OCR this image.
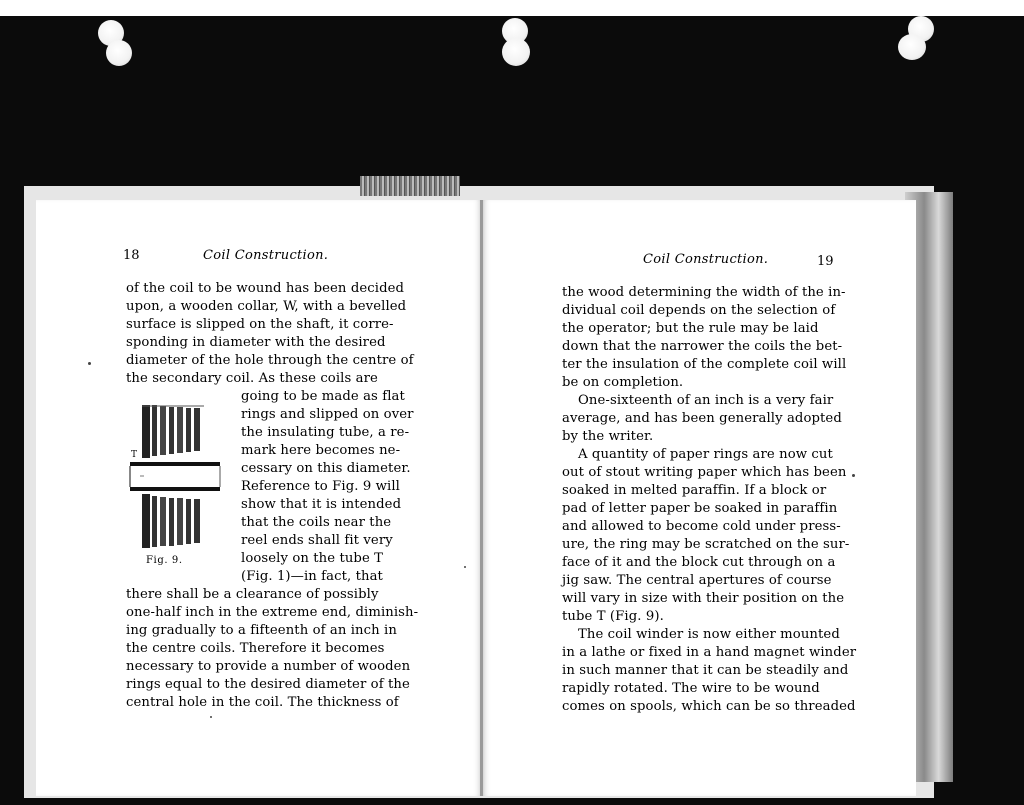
18	Coil Construction.	Coil Construction.	19
of the coil to be wound has been decided
upon, a wooden collar, W, with a bevelled
surface is slipped on the shaft, it corre-
sponding in diameter with the desired
diameter of the hole through the centre of
the secondary coil. As these coils are
going to be made as flat
rings and slipped on over
the insulating tube, a re-
mark here becomes ne-
cessary on this diameter.
Reference to Fig. 9 will
show that it is intended
that the coils near the
reel ends shall fit very
loosely on the tube T
(Fig. 1)—in fact, that
there shall be a clearance of possibly
one-half inch in the extreme end, diminish-
ing gradually to a fifteenth of an inch in
the centre coils. Therefore it becomes
necessary to provide a number of wooden
rings equal to the desired diameter of the
central hole in the coil. The thickness of
T
Fig. 9.
the wood determining the width of the in-
dividual coil depends on the selection of
the operator; but the rule may be laid
down that the narrower the coils the bet-
ter the insulation of the complete coil will
be on completion.
One-sixteenth of an inch is a very fair
average, and has been generally adopted
by the writer.
A quantity of paper rings are now cut
out of stout writing paper which has been
soaked in melted paraffin. If a block or
pad of letter paper be soaked in paraffin
and allowed to become cold under press-
ure, the ring may be scratched on the sur-
face of it and the block cut through on a
jig saw. The central apertures of course
will vary in size with their position on the
tube T (Fig. 9).
The coil winder is now either mounted
in a lathe or fixed in a hand magnet winder
in such manner that it can be steadily and
rapidly rotated. The wire to be wound
comes on spools, which can be so threaded
